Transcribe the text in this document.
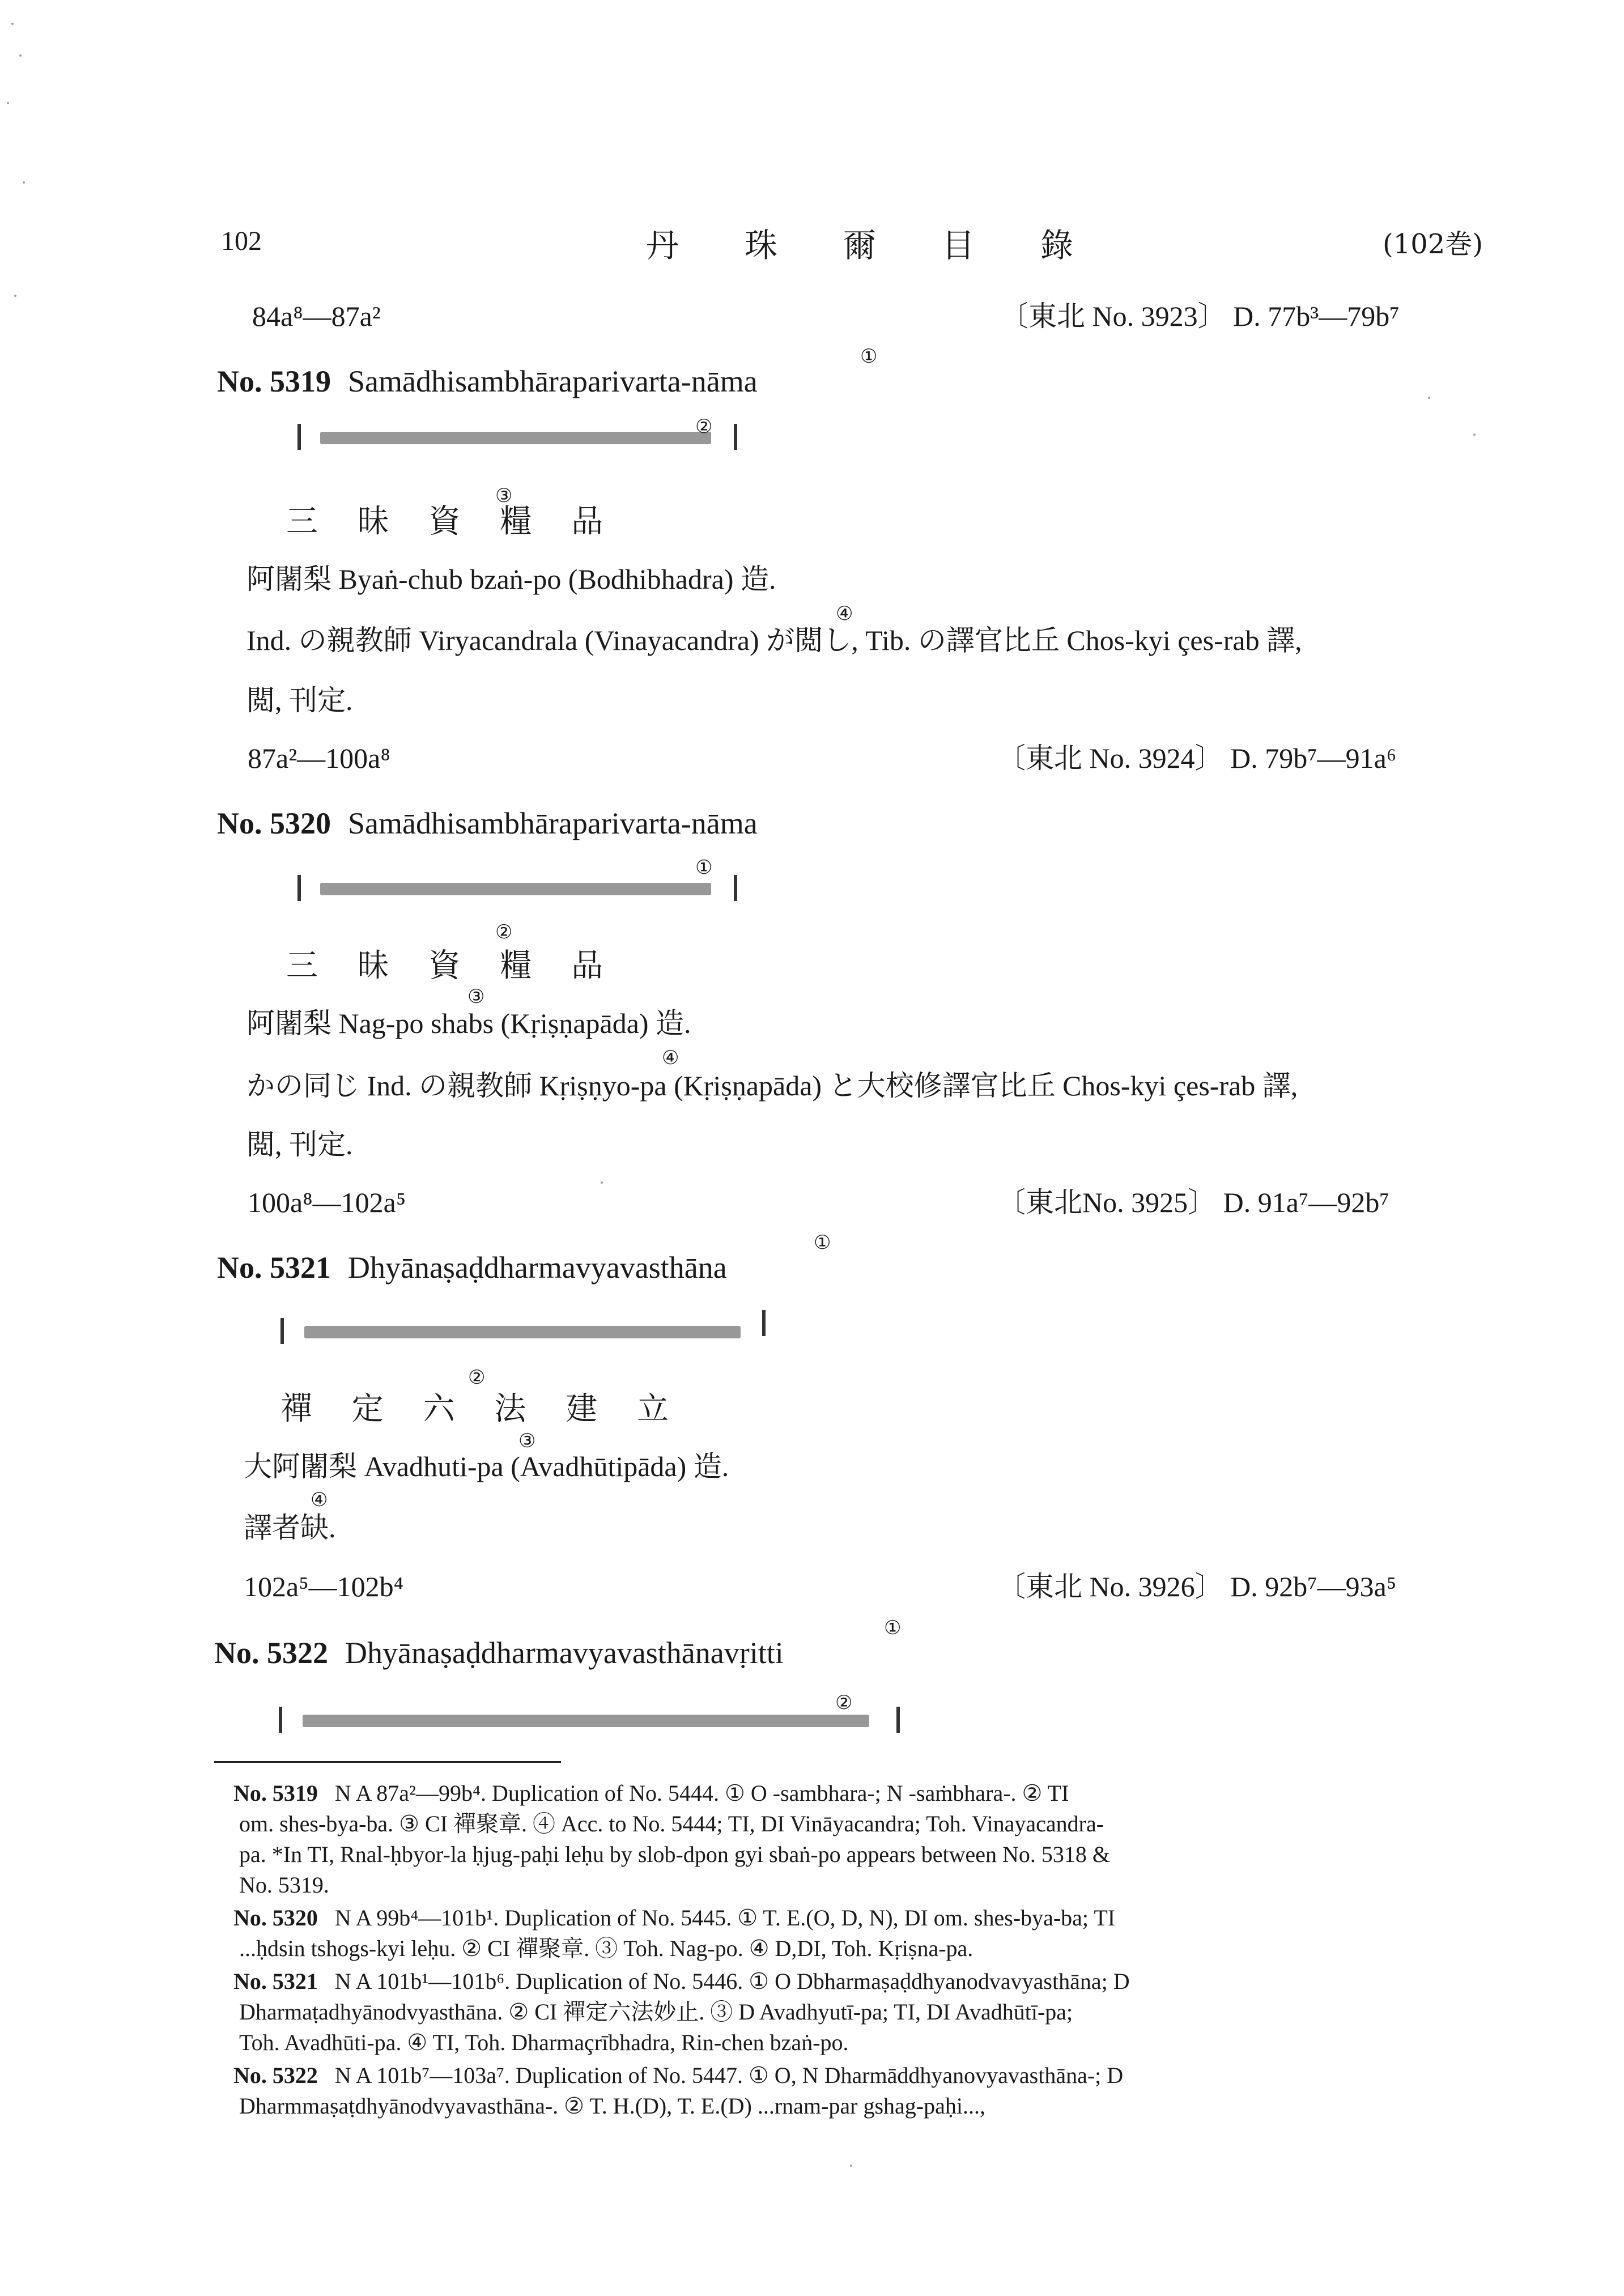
102	丹　　珠　　爾　　目　　錄	(102巻)
84a⁸—87a²	〔東北 No. 3923〕 D. 77b³—79b⁷
No. 5319 Samādhisambhāraparivarta-nāma
①
②
三 昧 資 糧 品
③
阿闍梨 Byaṅ-chub bzaṅ-po (Bodhibhadra) 造.
Ind. の親教師 Viryacandrala (Vinayacandra) が閲し, Tib. の譯官比丘 Chos-kyi çes-rab 譯,
④
閲, 刊定.
87a²—100a⁸	〔東北 No. 3924〕 D. 79b⁷—91a⁶
No. 5320 Samādhisambhāraparivarta-nāma
①
三 昧 資 糧 品
②
阿闍梨 Nag-po shabs (Kṛiṣṇapāda) 造.
③
かの同じ Ind. の親教師 Kṛiṣṇyo-pa (Kṛiṣṇapāda) と大校修譯官比丘 Chos-kyi çes-rab 譯,
④
閲, 刊定.
100a⁸—102a⁵	〔東北No. 3925〕 D. 91a⁷—92b⁷
No. 5321 Dhyānaṣaḍdharmavyavasthāna
①
禪 定 六 法 建 立
②
大阿闍梨 Avadhuti-pa (Avadhūtipāda) 造.
③
譯者缺.
④
102a⁵—102b⁴	〔東北 No. 3926〕 D. 92b⁷—93a⁵
No. 5322 Dhyānaṣaḍdharmavyavasthānavṛitti
①
②
No. 5319 N A 87a²—99b⁴. Duplication of No. 5444. ① O -sambhara-; N -saṁbhara-. ② TI
om. shes-bya-ba. ③ CI 禪聚章. ④ Acc. to No. 5444; TI, DI Vināyacandra; Toh. Vinayacandra-
pa. *In TI, Rnal-ḥbyor-la ḥjug-paḥi leḥu by slob-dpon gyi sbaṅ-po appears between No. 5318 &
No. 5319.
No. 5320 N A 99b⁴—101b¹. Duplication of No. 5445. ① T. E.(O, D, N), DI om. shes-bya-ba; TI
...ḥdsin tshogs-kyi leḥu. ② CI 禪聚章. ③ Toh. Nag-po. ④ D,DI, Toh. Kṛiṣna-pa.
No. 5321 N A 101b¹—101b⁶. Duplication of No. 5446. ① O Dbharmaṣaḍdhyanodvavyasthāna; D
Dharmaṭadhyānodvyasthāna. ② CI 禪定六法妙止. ③ D Avadhyutī-pa; TI, DI Avadhūtī-pa;
Toh. Avadhūti-pa. ④ TI, Toh. Dharmaçrībhadra, Rin-chen bzaṅ-po.
No. 5322 N A 101b⁷—103a⁷. Duplication of No. 5447. ① O, N Dharmāddhyanovyavasthāna-; D
Dharmmaṣaṭdhyānodvyavasthāna-. ② T. H.(D), T. E.(D) ...rnam-par gshag-paḥi...,
